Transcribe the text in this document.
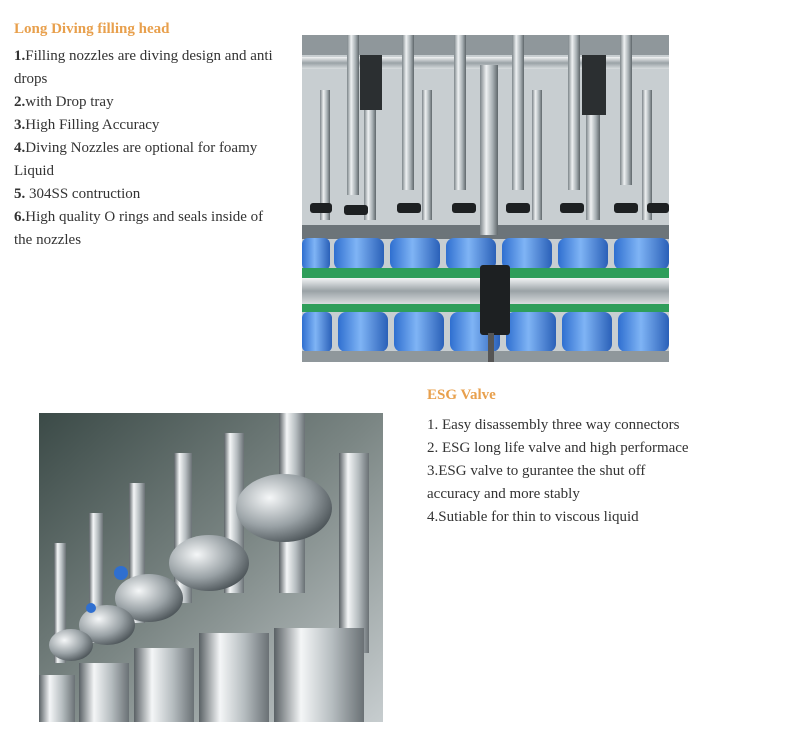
Long Diving filling head
1.Filling nozzles are diving design and anti drops
2.with Drop tray
3.High Filling Accuracy
4.Diving Nozzles are optional for foamy Liquid
5. 304SS contruction
6.High quality O rings and seals inside of the nozzles
ESG Valve
1. Easy disassembly three way connectors
2. ESG long life valve and high performace
3.ESG valve to gurantee the shut off accuracy and more stably
4.Sutiable for thin to viscous liquid
